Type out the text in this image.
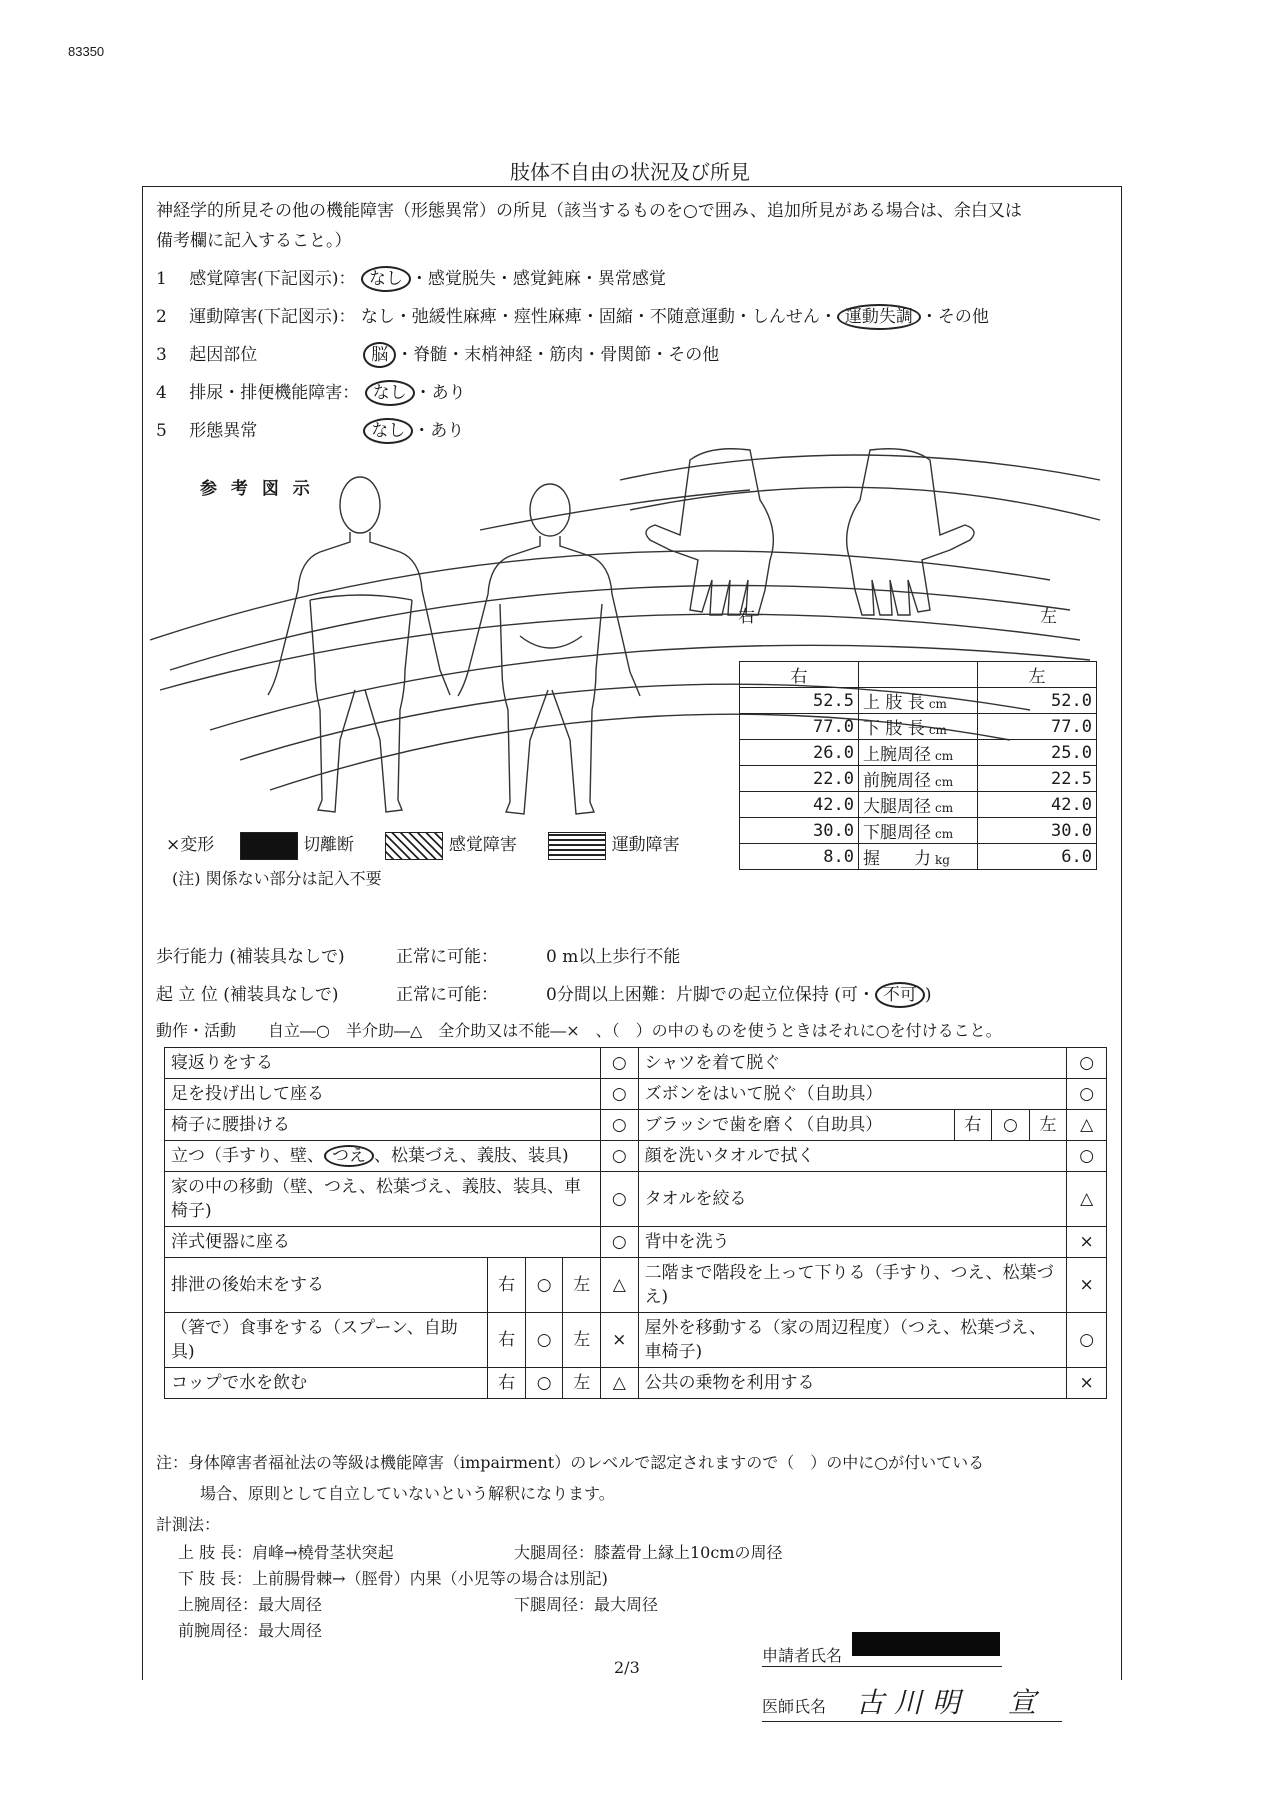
83350
肢体不自由の状況及び所見
神経学的所見その他の機能障害（形態異常）の所見（該当するものを○で囲み、追加所見がある場合は、余白又は
備考欄に記入すること。）
1　 感覚障害(下記図示)： なし ・感覚脱失・感覚鈍麻・異常感覚
2　 運動障害(下記図示)： なし・弛緩性麻痺・痙性麻痺・固縮・不随意運動・しんせん・ 運動失調 ・その他
3　 起因部位	脳 ・脊髄・末梢神経・筋肉・骨関節・その他
4　 排尿・排便機能障害： なし ・あり
5　 形態異常	なし ・あり
参 考 図 示
右	左
右		左
52.5	上 肢 長 cm	52.0
77.0	下 肢 長 cm	77.0
26.0	上腕周径 cm	25.0
22.0	前腕周径 cm	22.5
42.0	大腿周径 cm	42.0
30.0	下腿周径 cm	30.0
8.0	握　　力 kg	6.0
×変形	切離断	感覚障害	運動障害
(注) 関係ない部分は記入不要
歩行能力 (補装具なしで)	正常に可能：	0 m以上歩行不能
起 立 位 (補装具なしで)	正常に可能：	0分間以上困難：片脚での起立位保持 (可・ 不可 )
動作・活動　　自立―○　半介助―△　全介助又は不能―×　、（　）の中のものを使うときはそれに○を付けること。
寝返りをする				○	シャツを着て脱ぐ				○
足を投げ出して座る				○	ズボンをはいて脱ぐ（自助具）				○
椅子に腰掛ける				○	ブラッシで歯を磨く（自助具）	右	○	左	△
立つ（手すり、壁、 つえ 、松葉づえ、義肢、装具)				○	顔を洗いタオルで拭く				○
家の中の移動（壁、つえ、松葉づえ、義肢、装具、車椅子)				○	タオルを絞る				△
洋式便器に座る				○	背中を洗う				×
排泄の後始末をする	右	○	左	△	二階まで階段を上って下りる（手すり、つえ、松葉づえ)				×
（箸で）食事をする（スプーン、自助具)	右	○	左	×	屋外を移動する（家の周辺程度）（つえ、松葉づえ、車椅子)				○
コップで水を飲む	右	○	左	△	公共の乗物を利用する				×
注：身体障害者福祉法の等級は機能障害（impairment）のレベルで認定されますので（　）の中に○が付いている
場合、原則として自立していないという解釈になります。
計測法：
上 肢 長：肩峰→橈骨茎状突起	大腿周径：膝蓋骨上縁上10cmの周径
下 肢 長：上前腸骨棘→（脛骨）内果（小児等の場合は別記)
上腕周径：最大周径	下腿周径：最大周径
前腕周径：最大周径
2/3
申請者氏名
医師氏名 古川明　宣
